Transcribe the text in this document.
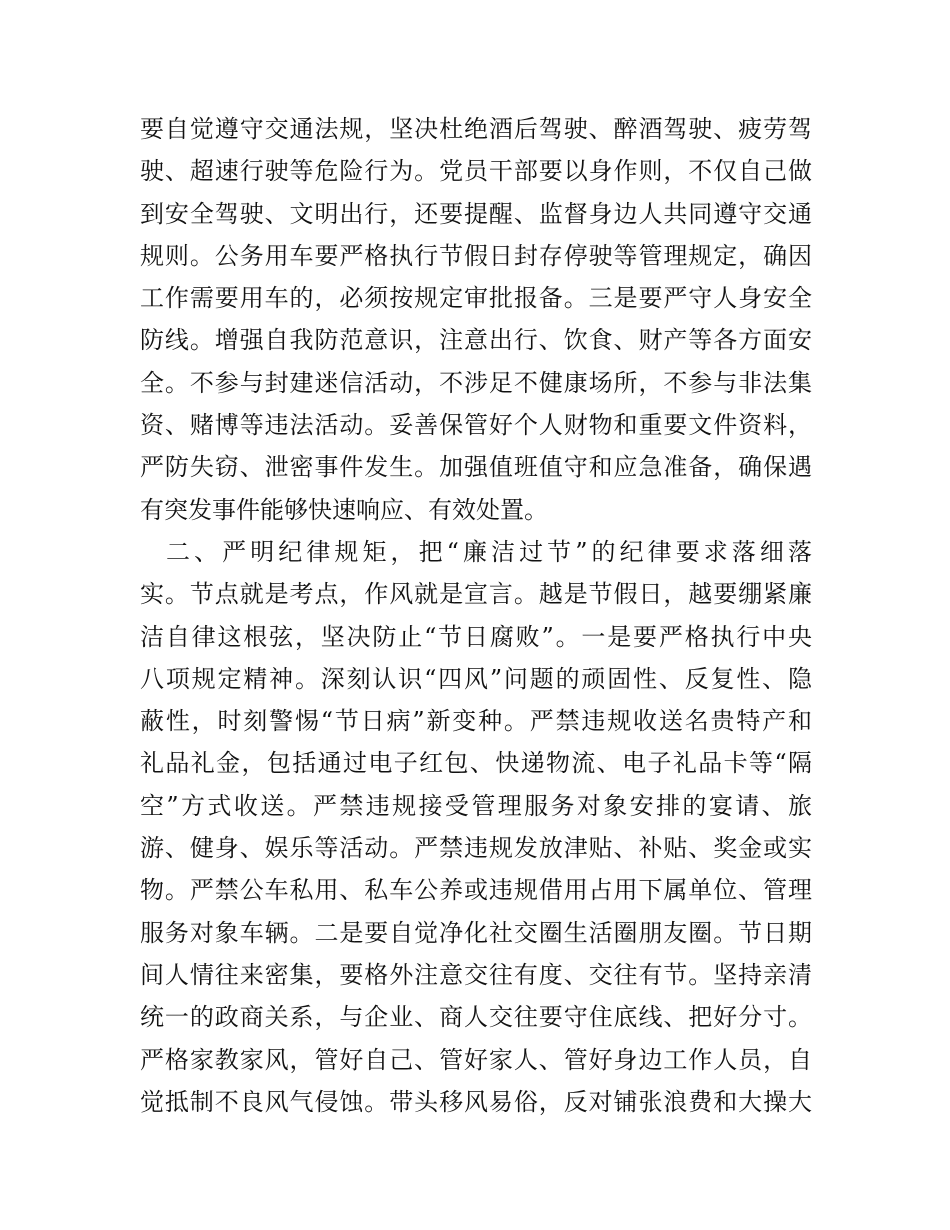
要自觉遵守交通法规，坚决杜绝酒后驾驶、醉酒驾驶、疲劳驾
驶、超速行驶等危险行为。党员干部要以身作则，不仅自己做
到安全驾驶、文明出行，还要提醒、监督身边人共同遵守交通
规则。公务用车要严格执行节假日封存停驶等管理规定，确因
工作需要用车的，必须按规定审批报备。三是要严守人身安全
防线。增强自我防范意识，注意出行、饮食、财产等各方面安
全。不参与封建迷信活动，不涉足不健康场所，不参与非法集
资、赌博等违法活动。妥善保管好个人财物和重要文件资料，
严防失窃、泄密事件发生。加强值班值守和应急准备，确保遇
有突发事件能够快速响应、有效处置。
二、严明纪律规矩，把“廉洁过节”的纪律要求落细落
实。节点就是考点，作风就是宣言。越是节假日，越要绷紧廉
洁自律这根弦，坚决防止“节日腐败”。一是要严格执行中央
八项规定精神。深刻认识“四风”问题的顽固性、反复性、隐
蔽性，时刻警惕“节日病”新变种。严禁违规收送名贵特产和
礼品礼金，包括通过电子红包、快递物流、电子礼品卡等“隔
空”方式收送。严禁违规接受管理服务对象安排的宴请、旅
游、健身、娱乐等活动。严禁违规发放津贴、补贴、奖金或实
物。严禁公车私用、私车公养或违规借用占用下属单位、管理
服务对象车辆。二是要自觉净化社交圈生活圈朋友圈。节日期
间人情往来密集，要格外注意交往有度、交往有节。坚持亲清
统一的政商关系，与企业、商人交往要守住底线、把好分寸。
严格家教家风，管好自己、管好家人、管好身边工作人员，自
觉抵制不良风气侵蚀。带头移风易俗，反对铺张浪费和大操大
